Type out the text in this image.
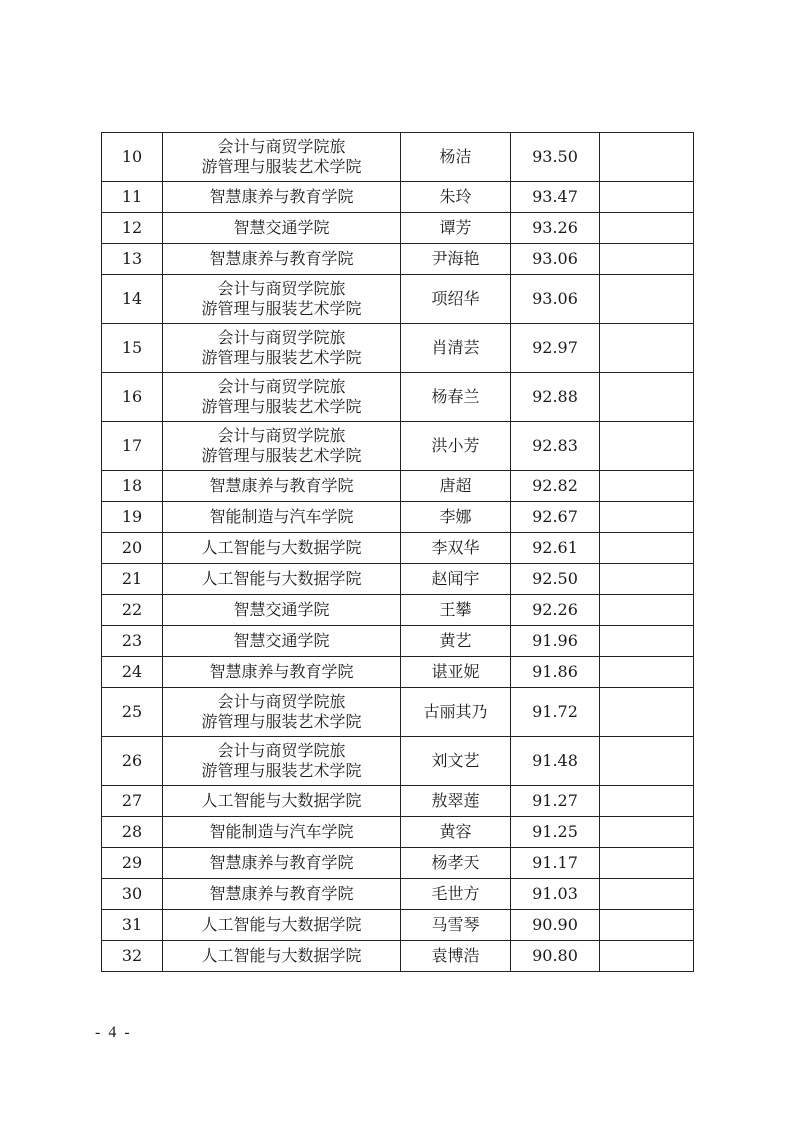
10	会计与商贸学院旅
游管理与服装艺术学院	杨洁	93.50	
11	智慧康养与教育学院	朱玲	93.47	
12	智慧交通学院	谭芳	93.26	
13	智慧康养与教育学院	尹海艳	93.06	
14	会计与商贸学院旅
游管理与服装艺术学院	项绍华	93.06	
15	会计与商贸学院旅
游管理与服装艺术学院	肖清芸	92.97	
16	会计与商贸学院旅
游管理与服装艺术学院	杨春兰	92.88	
17	会计与商贸学院旅
游管理与服装艺术学院	洪小芳	92.83	
18	智慧康养与教育学院	唐超	92.82	
19	智能制造与汽车学院	李娜	92.67	
20	人工智能与大数据学院	李双华	92.61	
21	人工智能与大数据学院	赵闻宇	92.50	
22	智慧交通学院	王攀	92.26	
23	智慧交通学院	黄艺	91.96	
24	智慧康养与教育学院	谌亚妮	91.86	
25	会计与商贸学院旅
游管理与服装艺术学院	古丽其乃	91.72	
26	会计与商贸学院旅
游管理与服装艺术学院	刘文艺	91.48	
27	人工智能与大数据学院	敖翠莲	91.27	
28	智能制造与汽车学院	黄容	91.25	
29	智慧康养与教育学院	杨孝天	91.17	
30	智慧康养与教育学院	毛世方	91.03	
31	人工智能与大数据学院	马雪琴	90.90	
32	人工智能与大数据学院	袁博浩	90.80	
- 4 -
